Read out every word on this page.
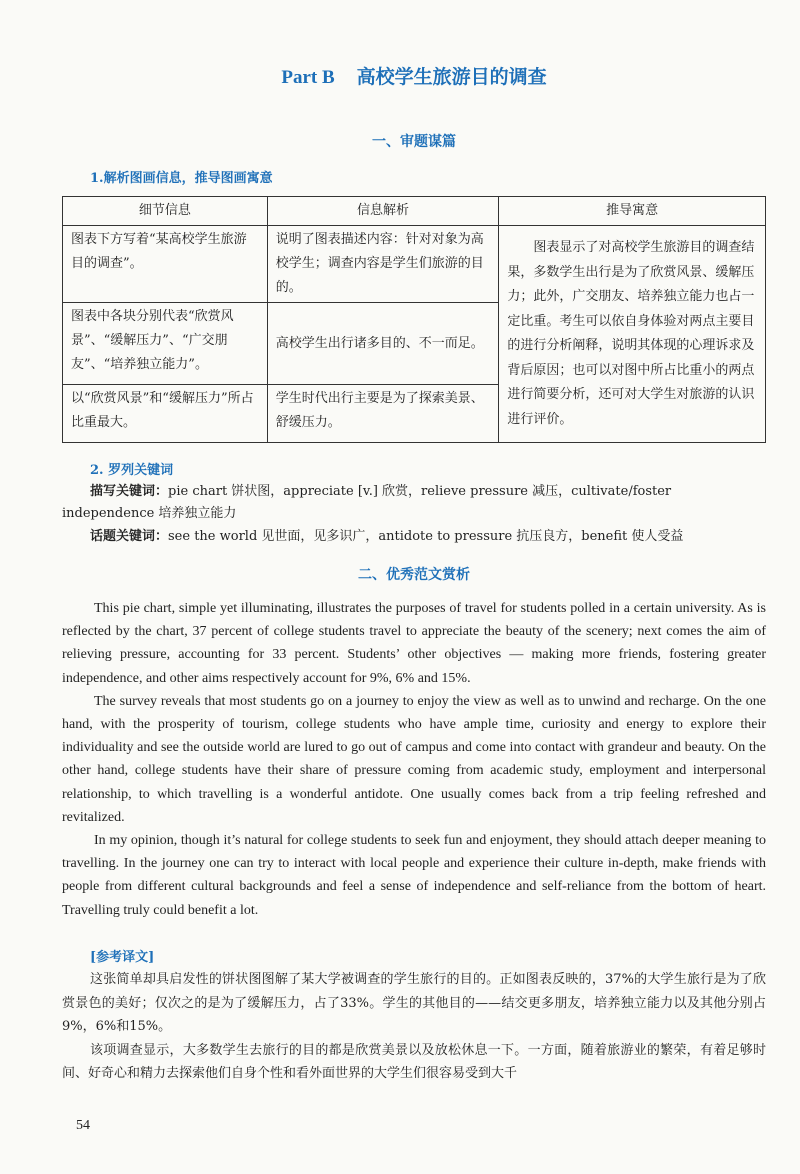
Part B 高校学生旅游目的调查
一、审题谋篇
1.解析图画信息，推导图画寓意
细节信息	信息解析	推导寓意
图表下方写着“某高校学生旅游目的调查”。	说明了图表描述内容：针对对象为高校学生；调查内容是学生们旅游的目的。	图表显示了对高校学生旅游目的调查结果，多数学生出行是为了欣赏风景、缓解压力；此外，广交朋友、培养独立能力也占一定比重。考生可以依自身体验对两点主要目的进行分析阐释，说明其体现的心理诉求及背后原因；也可以对图中所占比重小的两点进行简要分析，还可对大学生对旅游的认识进行评价。

图表中各块分别代表“欣赏风景”、“缓解压力”、“广交朋友”、“培养独立能力”。	高校学生出行诸多目的、不一而足。	
以“欣赏风景”和“缓解压力”所占比重最大。	学生时代出行主要是为了探索美景、舒缓压力。	
2. 罗列关键词
描写关键词：pie chart 饼状图，appreciate [v.] 欣赏，relieve pressure 减压，cultivate/foster independence 培养独立能力
话题关键词：see the world 见世面，见多识广，antidote to pressure 抗压良方，benefit 使人受益
二、优秀范文赏析

This pie chart, simple yet illuminating, illustrates the purposes of travel for students polled in a certain university. As is reflected by the chart, 37 percent of college students travel to appreciate the beauty of the scenery; next comes the aim of relieving pressure, accounting for 33 percent. Students’ other objectives — making more friends, fostering greater independence, and other aims respectively account for 9%, 6% and 15%.

The survey reveals that most students go on a journey to enjoy the view as well as to unwind and recharge. On the one hand, with the prosperity of tourism, college students who have ample time, curiosity and energy to explore their individuality and see the outside world are lured to go out of campus and come into contact with grandeur and beauty. On the other hand, college students have their share of pressure coming from academic study, employment and interpersonal relationship, to which travelling is a wonderful antidote. One usually comes back from a trip feeling refreshed and revitalized.

In my opinion, though it’s natural for college students to seek fun and enjoyment, they should attach deeper meaning to travelling. In the journey one can try to interact with local people and experience their culture in-depth, make friends with people from different cultural backgrounds and feel a sense of independence and self-reliance from the bottom of heart. Travelling truly could benefit a lot.

[参考译文]

这张简单却具启发性的饼状图图解了某大学被调查的学生旅行的目的。正如图表反映的，37%的大学生旅行是为了欣赏景色的美好；仅次之的是为了缓解压力，占了33%。学生的其他目的——结交更多朋友，培养独立能力以及其他分别占9%，6%和15%。

该项调查显示，大多数学生去旅行的目的都是欣赏美景以及放松休息一下。一方面，随着旅游业的繁荣，有着足够时间、好奇心和精力去探索他们自身个性和看外面世界的大学生们很容易受到大千

54
